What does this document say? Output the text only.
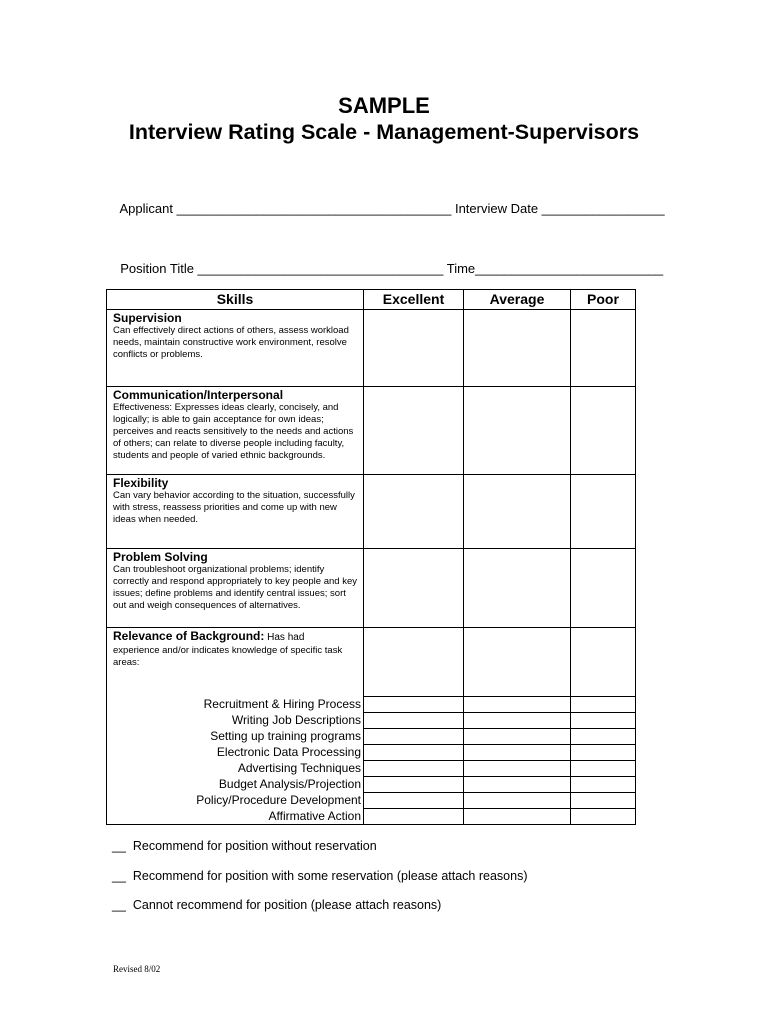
SAMPLE
Interview Rating Scale - Management-Supervisors

Applicant ______________________________________ Interview Date _________________

Position Title __________________________________ Time__________________________

Skills	Excellent	Average	Poor

Supervision
Can effectively direct actions of others, assess workload needs, maintain constructive work environment, resolve conflicts or problems.			

Communication/Interpersonal
Effectiveness: Expresses ideas clearly, concisely, and logically; is able to gain acceptance for own ideas; perceives and reacts sensitively to the needs and actions of others; can relate to diverse people including faculty, students and people of varied ethnic backgrounds.			

Flexibility
Can vary behavior according to the situation, successfully with stress, reassess priorities and come up with new ideas when needed.			

Problem Solving
Can troubleshoot organizational problems; identify correctly and respond appropriately to key people and key issues; define problems and identify central issues; sort out and weigh consequences of alternatives.			

Relevance of Background: Has had
experience and/or indicates knowledge of specific task areas:			

Recruitment & Hiring Process			
Writing Job Descriptions			
Setting up training programs			
Electronic Data Processing			
Advertising Techniques			
Budget Analysis/Projection			
Policy/Procedure Development			
Affirmative Action			
__  Recommend for position without reservation
__  Recommend for position with some reservation (please attach reasons)
__  Cannot recommend for position (please attach reasons)
Revised 8/02
